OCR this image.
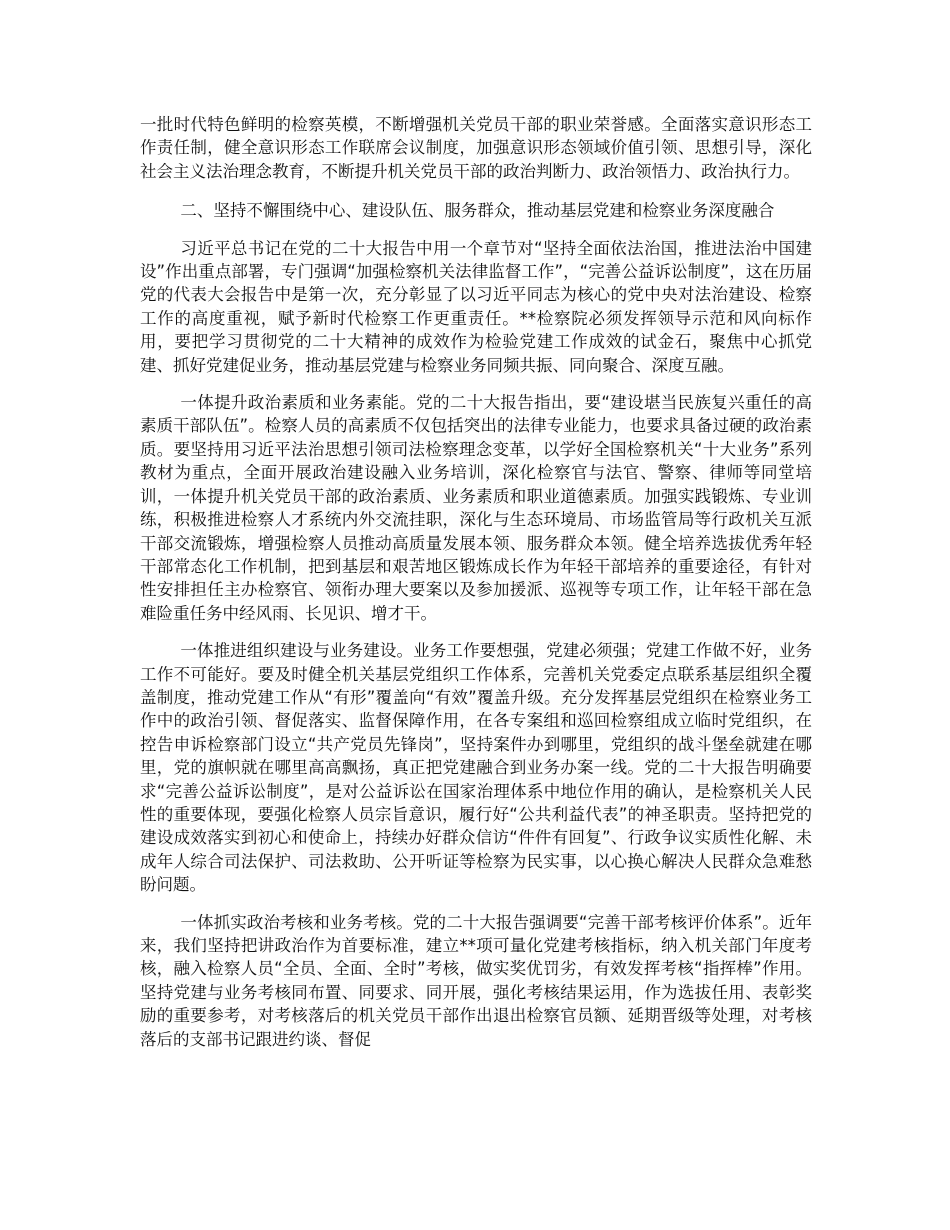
一批时代特色鲜明的检察英模，不断增强机关党员干部的职业荣誉感。全面落实意识形态工作责任制，健全意识形态工作联席会议制度，加强意识形态领域价值引领、思想引导，深化社会主义法治理念教育，不断提升机关党员干部的政治判断力、政治领悟力、政治执行力。

二、坚持不懈围绕中心、建设队伍、服务群众，推动基层党建和检察业务深度融合

习近平总书记在党的二十大报告中用一个章节对“坚持全面依法治国，推进法治中国建设”作出重点部署，专门强调“加强检察机关法律监督工作”，“完善公益诉讼制度”，这在历届党的代表大会报告中是第一次，充分彰显了以习近平同志为核心的党中央对法治建设、检察工作的高度重视，赋予新时代检察工作更重责任。**检察院必须发挥领导示范和风向标作用，要把学习贯彻党的二十大精神的成效作为检验党建工作成效的试金石，聚焦中心抓党建、抓好党建促业务，推动基层党建与检察业务同频共振、同向聚合、深度互融。

一体提升政治素质和业务素能。党的二十大报告指出，要“建设堪当民族复兴重任的高素质干部队伍”。检察人员的高素质不仅包括突出的法律专业能力，也要求具备过硬的政治素质。要坚持用习近平法治思想引领司法检察理念变革，以学好全国检察机关“十大业务”系列教材为重点，全面开展政治建设融入业务培训，深化检察官与法官、警察、律师等同堂培训，一体提升机关党员干部的政治素质、业务素质和职业道德素质。加强实践锻炼、专业训练，积极推进检察人才系统内外交流挂职，深化与生态环境局、市场监管局等行政机关互派干部交流锻炼，增强检察人员推动高质量发展本领、服务群众本领。健全培养选拔优秀年轻干部常态化工作机制，把到基层和艰苦地区锻炼成长作为年轻干部培养的重要途径，有针对性安排担任主办检察官、领衔办理大要案以及参加援派、巡视等专项工作，让年轻干部在急难险重任务中经风雨、长见识、增才干。

一体推进组织建设与业务建设。业务工作要想强，党建必须强；党建工作做不好，业务工作不可能好。要及时健全机关基层党组织工作体系，完善机关党委定点联系基层组织全覆盖制度，推动党建工作从“有形”覆盖向“有效”覆盖升级。充分发挥基层党组织在检察业务工作中的政治引领、督促落实、监督保障作用，在各专案组和巡回检察组成立临时党组织，在控告申诉检察部门设立“共产党员先锋岗”，坚持案件办到哪里，党组织的战斗堡垒就建在哪里，党的旗帜就在哪里高高飘扬，真正把党建融合到业务办案一线。党的二十大报告明确要求“完善公益诉讼制度”，是对公益诉讼在国家治理体系中地位作用的确认，是检察机关人民性的重要体现，要强化检察人员宗旨意识，履行好“公共利益代表”的神圣职责。坚持把党的建设成效落实到初心和使命上，持续办好群众信访“件件有回复”、行政争议实质性化解、未成年人综合司法保护、司法救助、公开听证等检察为民实事，以心换心解决人民群众急难愁盼问题。

一体抓实政治考核和业务考核。党的二十大报告强调要“完善干部考核评价体系”。近年来，我们坚持把讲政治作为首要标准，建立**项可量化党建考核指标，纳入机关部门年度考核，融入检察人员“全员、全面、全时”考核，做实奖优罚劣，有效发挥考核“指挥棒”作用。坚持党建与业务考核同布置、同要求、同开展，强化考核结果运用，作为选拔任用、表彰奖励的重要参考，对考核落后的机关党员干部作出退出检察官员额、延期晋级等处理，对考核落后的支部书记跟进约谈、督促
